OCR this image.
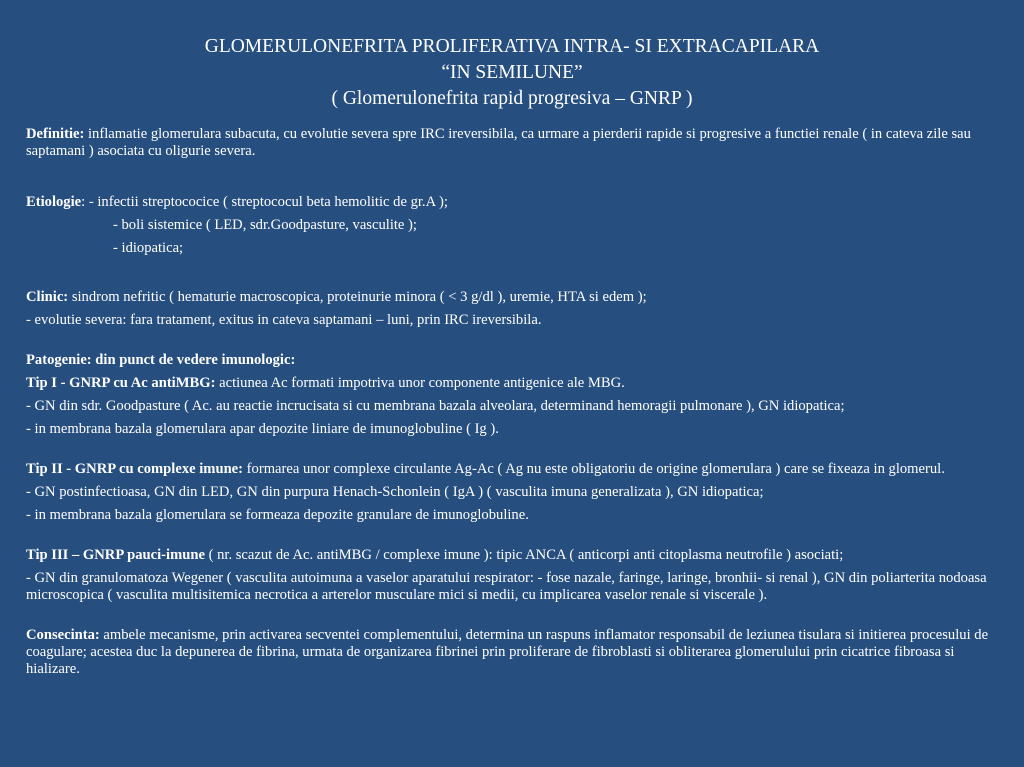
GLOMERULONEFRITA PROLIFERATIVA INTRA- SI EXTRACAPILARA
“IN SEMILUNE”
( Glomerulonefrita rapid progresiva – GNRP )
Definitie: inflamatie glomerulara subacuta, cu evolutie severa spre IRC ireversibila, ca urmare a pierderii rapide si progresive a functiei renale ( in cateva zile sau saptamani ) asociata cu oligurie severa.
Etiologie: - infectii streptococice ( streptococul beta hemolitic de gr.A );
- boli sistemice ( LED, sdr.Goodpasture, vasculite );
- idiopatica;
Clinic: sindrom nefritic ( hematurie macroscopica, proteinurie minora ( < 3 g/dl ), uremie, HTA si edem );
- evolutie severa: fara tratament, exitus in cateva saptamani – luni, prin IRC ireversibila.
Patogenie: din punct de vedere imunologic:
Tip I - GNRP cu Ac antiMBG: actiunea Ac formati impotriva unor componente antigenice ale MBG.
- GN din sdr. Goodpasture ( Ac. au reactie incrucisata si cu membrana bazala alveolara, determinand hemoragii pulmonare ), GN idiopatica;
- in membrana bazala glomerulara apar depozite liniare de imunoglobuline ( Ig ).
Tip II - GNRP cu complexe imune: formarea unor complexe circulante Ag-Ac ( Ag nu este obligatoriu de origine glomerulara ) care se fixeaza in glomerul.
- GN postinfectioasa, GN din LED, GN din purpura Henach-Schonlein ( IgA ) ( vasculita imuna generalizata ), GN idiopatica;
- in membrana bazala glomerulara se formeaza depozite granulare de imunoglobuline.
Tip III – GNRP pauci-imune ( nr. scazut de Ac. antiMBG / complexe imune ): tipic ANCA ( anticorpi anti citoplasma neutrofile ) asociati;
- GN din granulomatoza Wegener ( vasculita autoimuna a vaselor aparatului respirator: - fose nazale, faringe, laringe, bronhii- si renal ), GN din poliarterita nodoasa microscopica ( vasculita multisitemica necrotica a arterelor musculare mici si medii, cu implicarea vaselor renale si viscerale ).
Consecinta: ambele mecanisme, prin activarea secventei complementului, determina un raspuns inflamator responsabil de leziunea tisulara si initierea procesului de coagulare; acestea duc la depunerea de fibrina, urmata de organizarea fibrinei prin proliferare de fibroblasti si obliterarea glomerulului prin cicatrice fibroasa si hializare.
